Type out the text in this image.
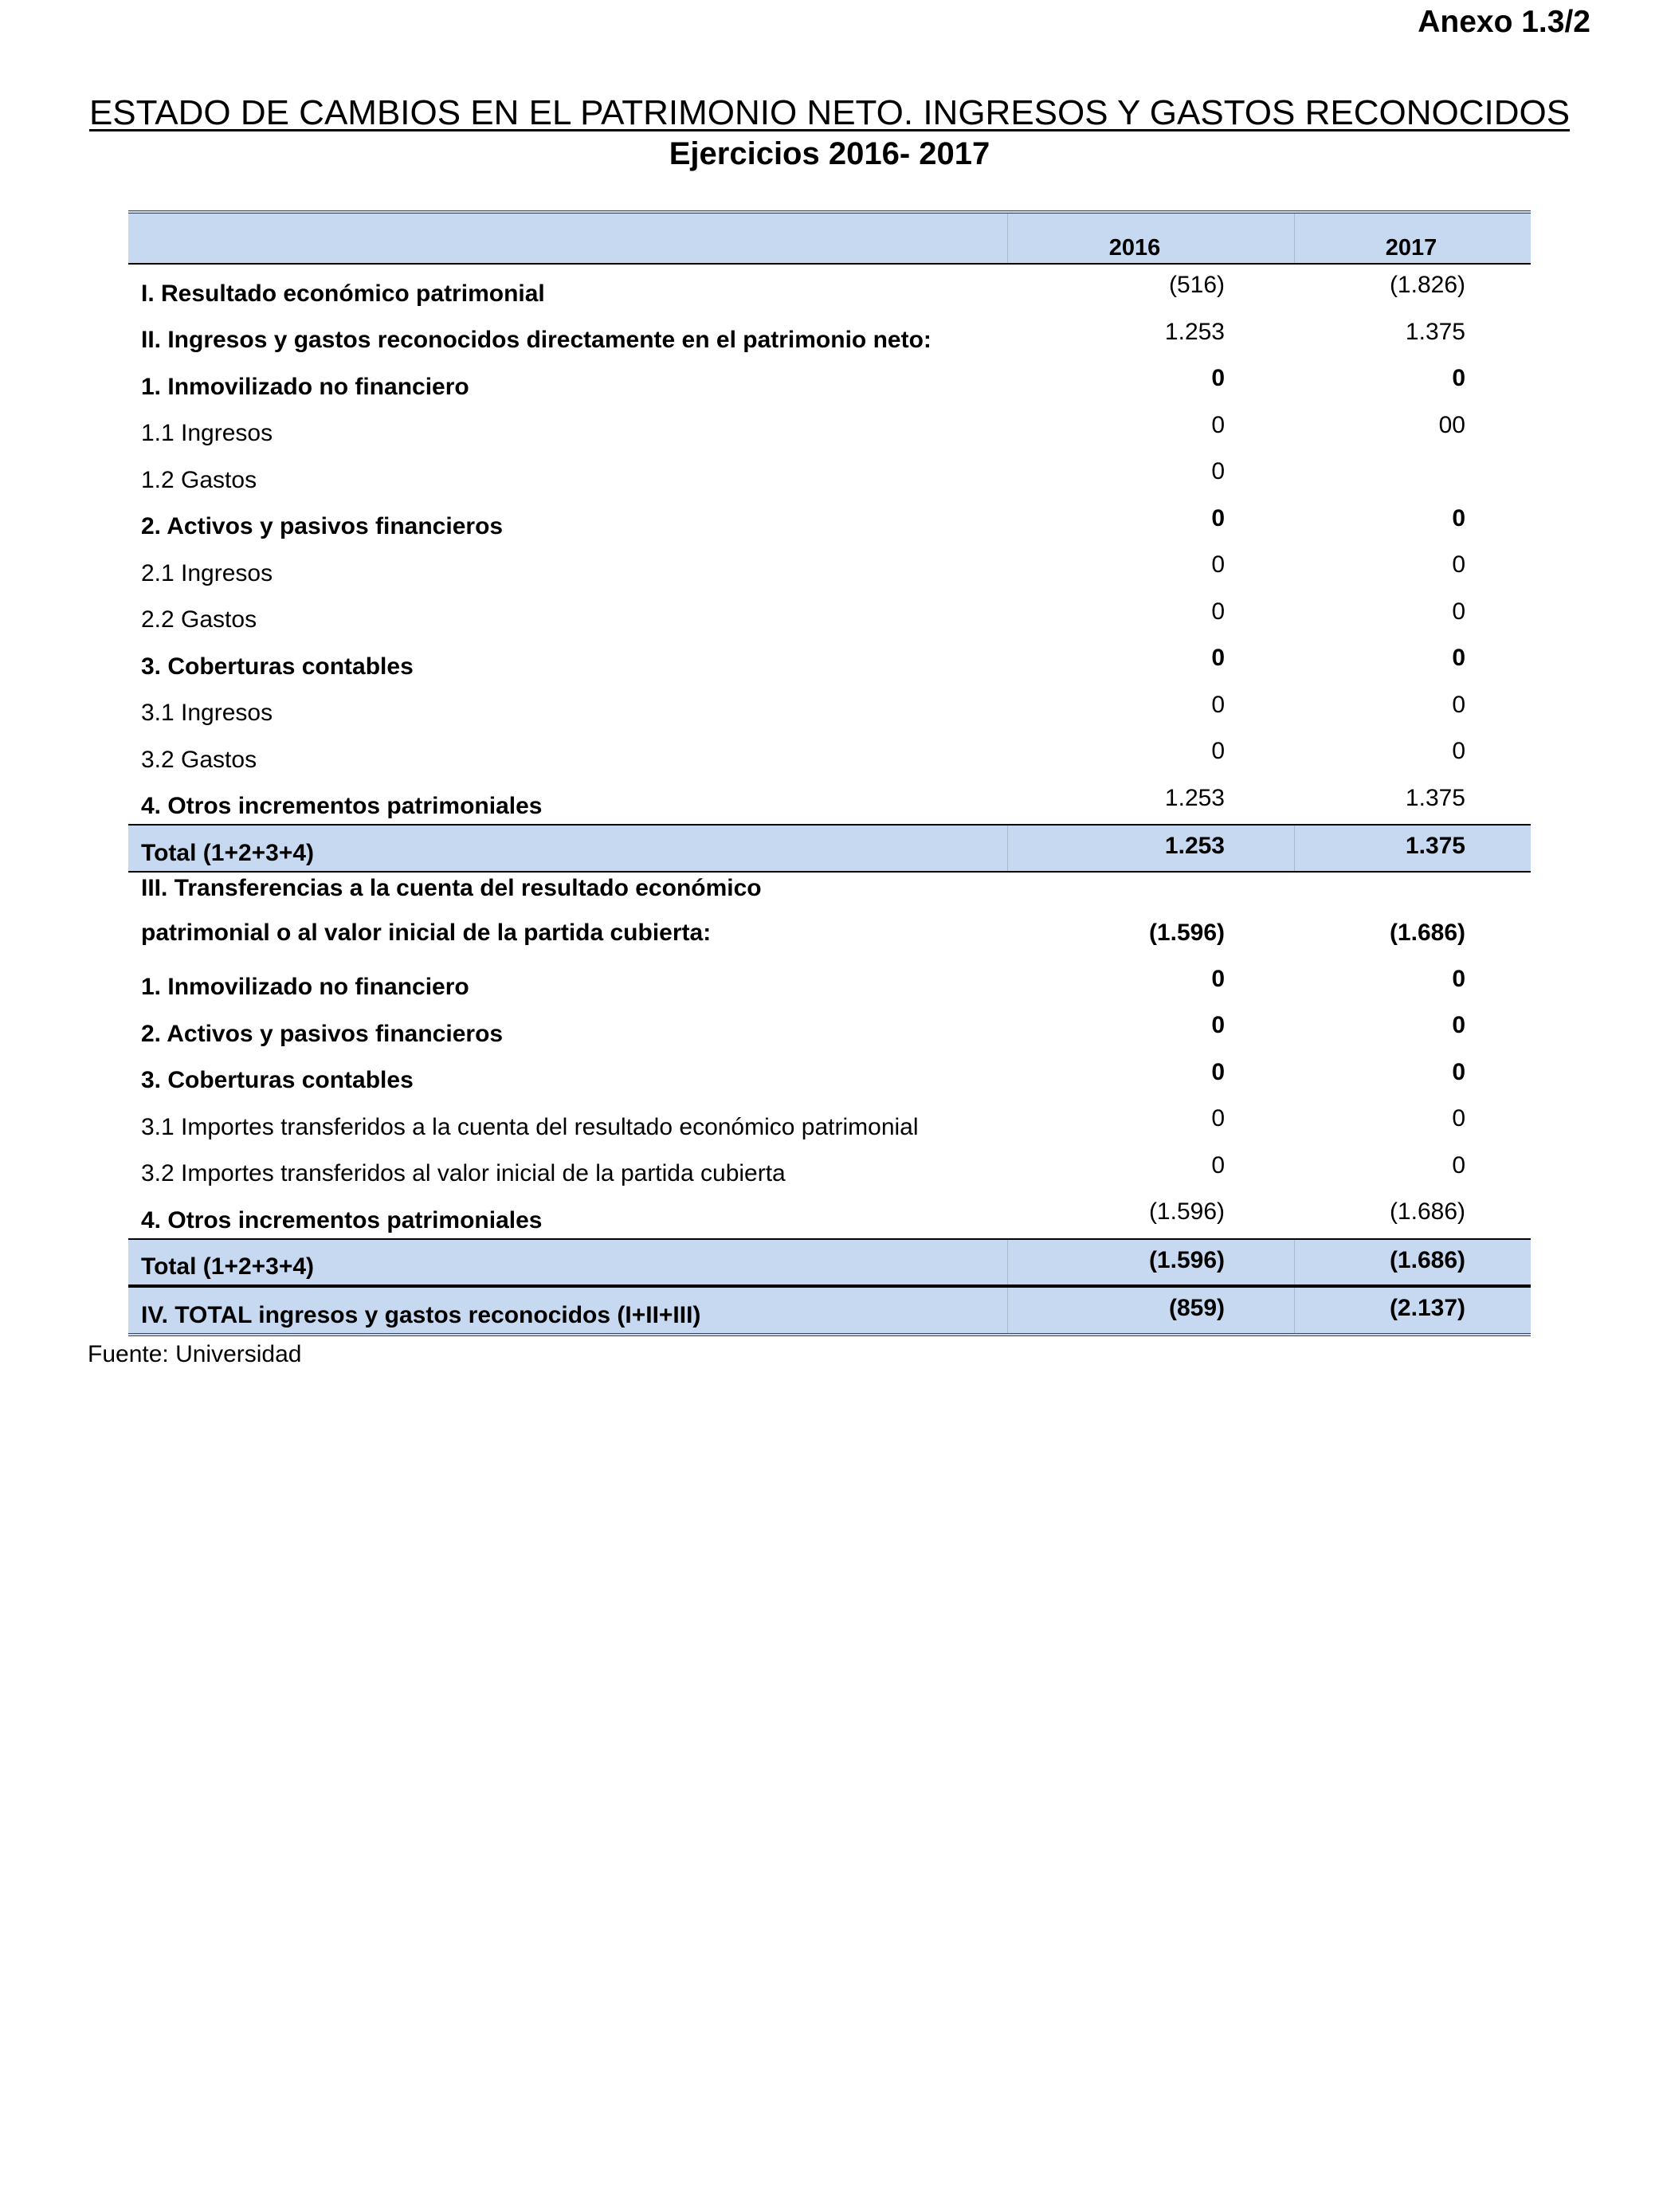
Anexo 1.3/2
ESTADO DE CAMBIOS EN EL PATRIMONIO NETO. INGRESOS Y GASTOS RECONOCIDOS
Ejercicios 2016- 2017
2016	2017
I. Resultado económico patrimonial	(516)	(1.826)
II. Ingresos y gastos reconocidos directamente en el patrimonio neto:	1.253	1.375
1. Inmovilizado no financiero	0	0
1.1 Ingresos	0	00
1.2 Gastos	0
2. Activos y pasivos financieros	0	0
2.1 Ingresos	0	0
2.2 Gastos	0	0
3. Coberturas contables	0	0
3.1 Ingresos	0	0
3.2 Gastos	0	0
4. Otros incrementos patrimoniales	1.253	1.375
Total (1+2+3+4)	1.253	1.375
III. Transferencias a la cuenta del resultado económico patrimonial o al valor inicial de la partida cubierta:	(1.596)	(1.686)
1. Inmovilizado no financiero	0	0
2. Activos y pasivos financieros	0	0
3. Coberturas contables	0	0
3.1 Importes transferidos a la cuenta del resultado económico patrimonial	0	0
3.2 Importes transferidos al valor inicial de la partida cubierta	0	0
4. Otros incrementos patrimoniales	(1.596)	(1.686)
Total (1+2+3+4)	(1.596)	(1.686)
IV. TOTAL ingresos y gastos reconocidos (I+II+III)	(859)	(2.137)
Fuente: Universidad
